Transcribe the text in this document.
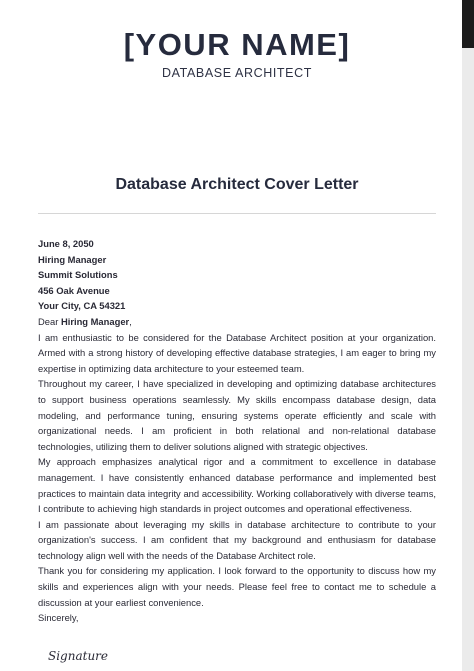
[YOUR NAME]
DATABASE ARCHITECT
Database Architect Cover Letter

June 8, 2050

Hiring Manager

Summit Solutions

456 Oak Avenue

Your City, CA 54321

Dear Hiring Manager,

I am enthusiastic to be considered for the Database Architect position at your organization. Armed with a strong history of developing effective database strategies, I am eager to bring my expertise in optimizing data architecture to your esteemed team.

Throughout my career, I have specialized in developing and optimizing database architectures to support business operations seamlessly. My skills encompass database design, data modeling, and performance tuning, ensuring systems operate efficiently and scale with organizational needs. I am proficient in both relational and non-relational database technologies, utilizing them to deliver solutions aligned with strategic objectives.

My approach emphasizes analytical rigor and a commitment to excellence in database management. I have consistently enhanced database performance and implemented best practices to maintain data integrity and accessibility. Working collaboratively with diverse teams, I contribute to achieving high standards in project outcomes and operational effectiveness.

I am passionate about leveraging my skills in database architecture to contribute to your organization's success. I am confident that my background and enthusiasm for database technology align well with the needs of the Database Architect role.

Thank you for considering my application. I look forward to the opportunity to discuss how my skills and experiences align with your needs. Please feel free to contact me to schedule a discussion at your earliest convenience.

Sincerely,

Signature
